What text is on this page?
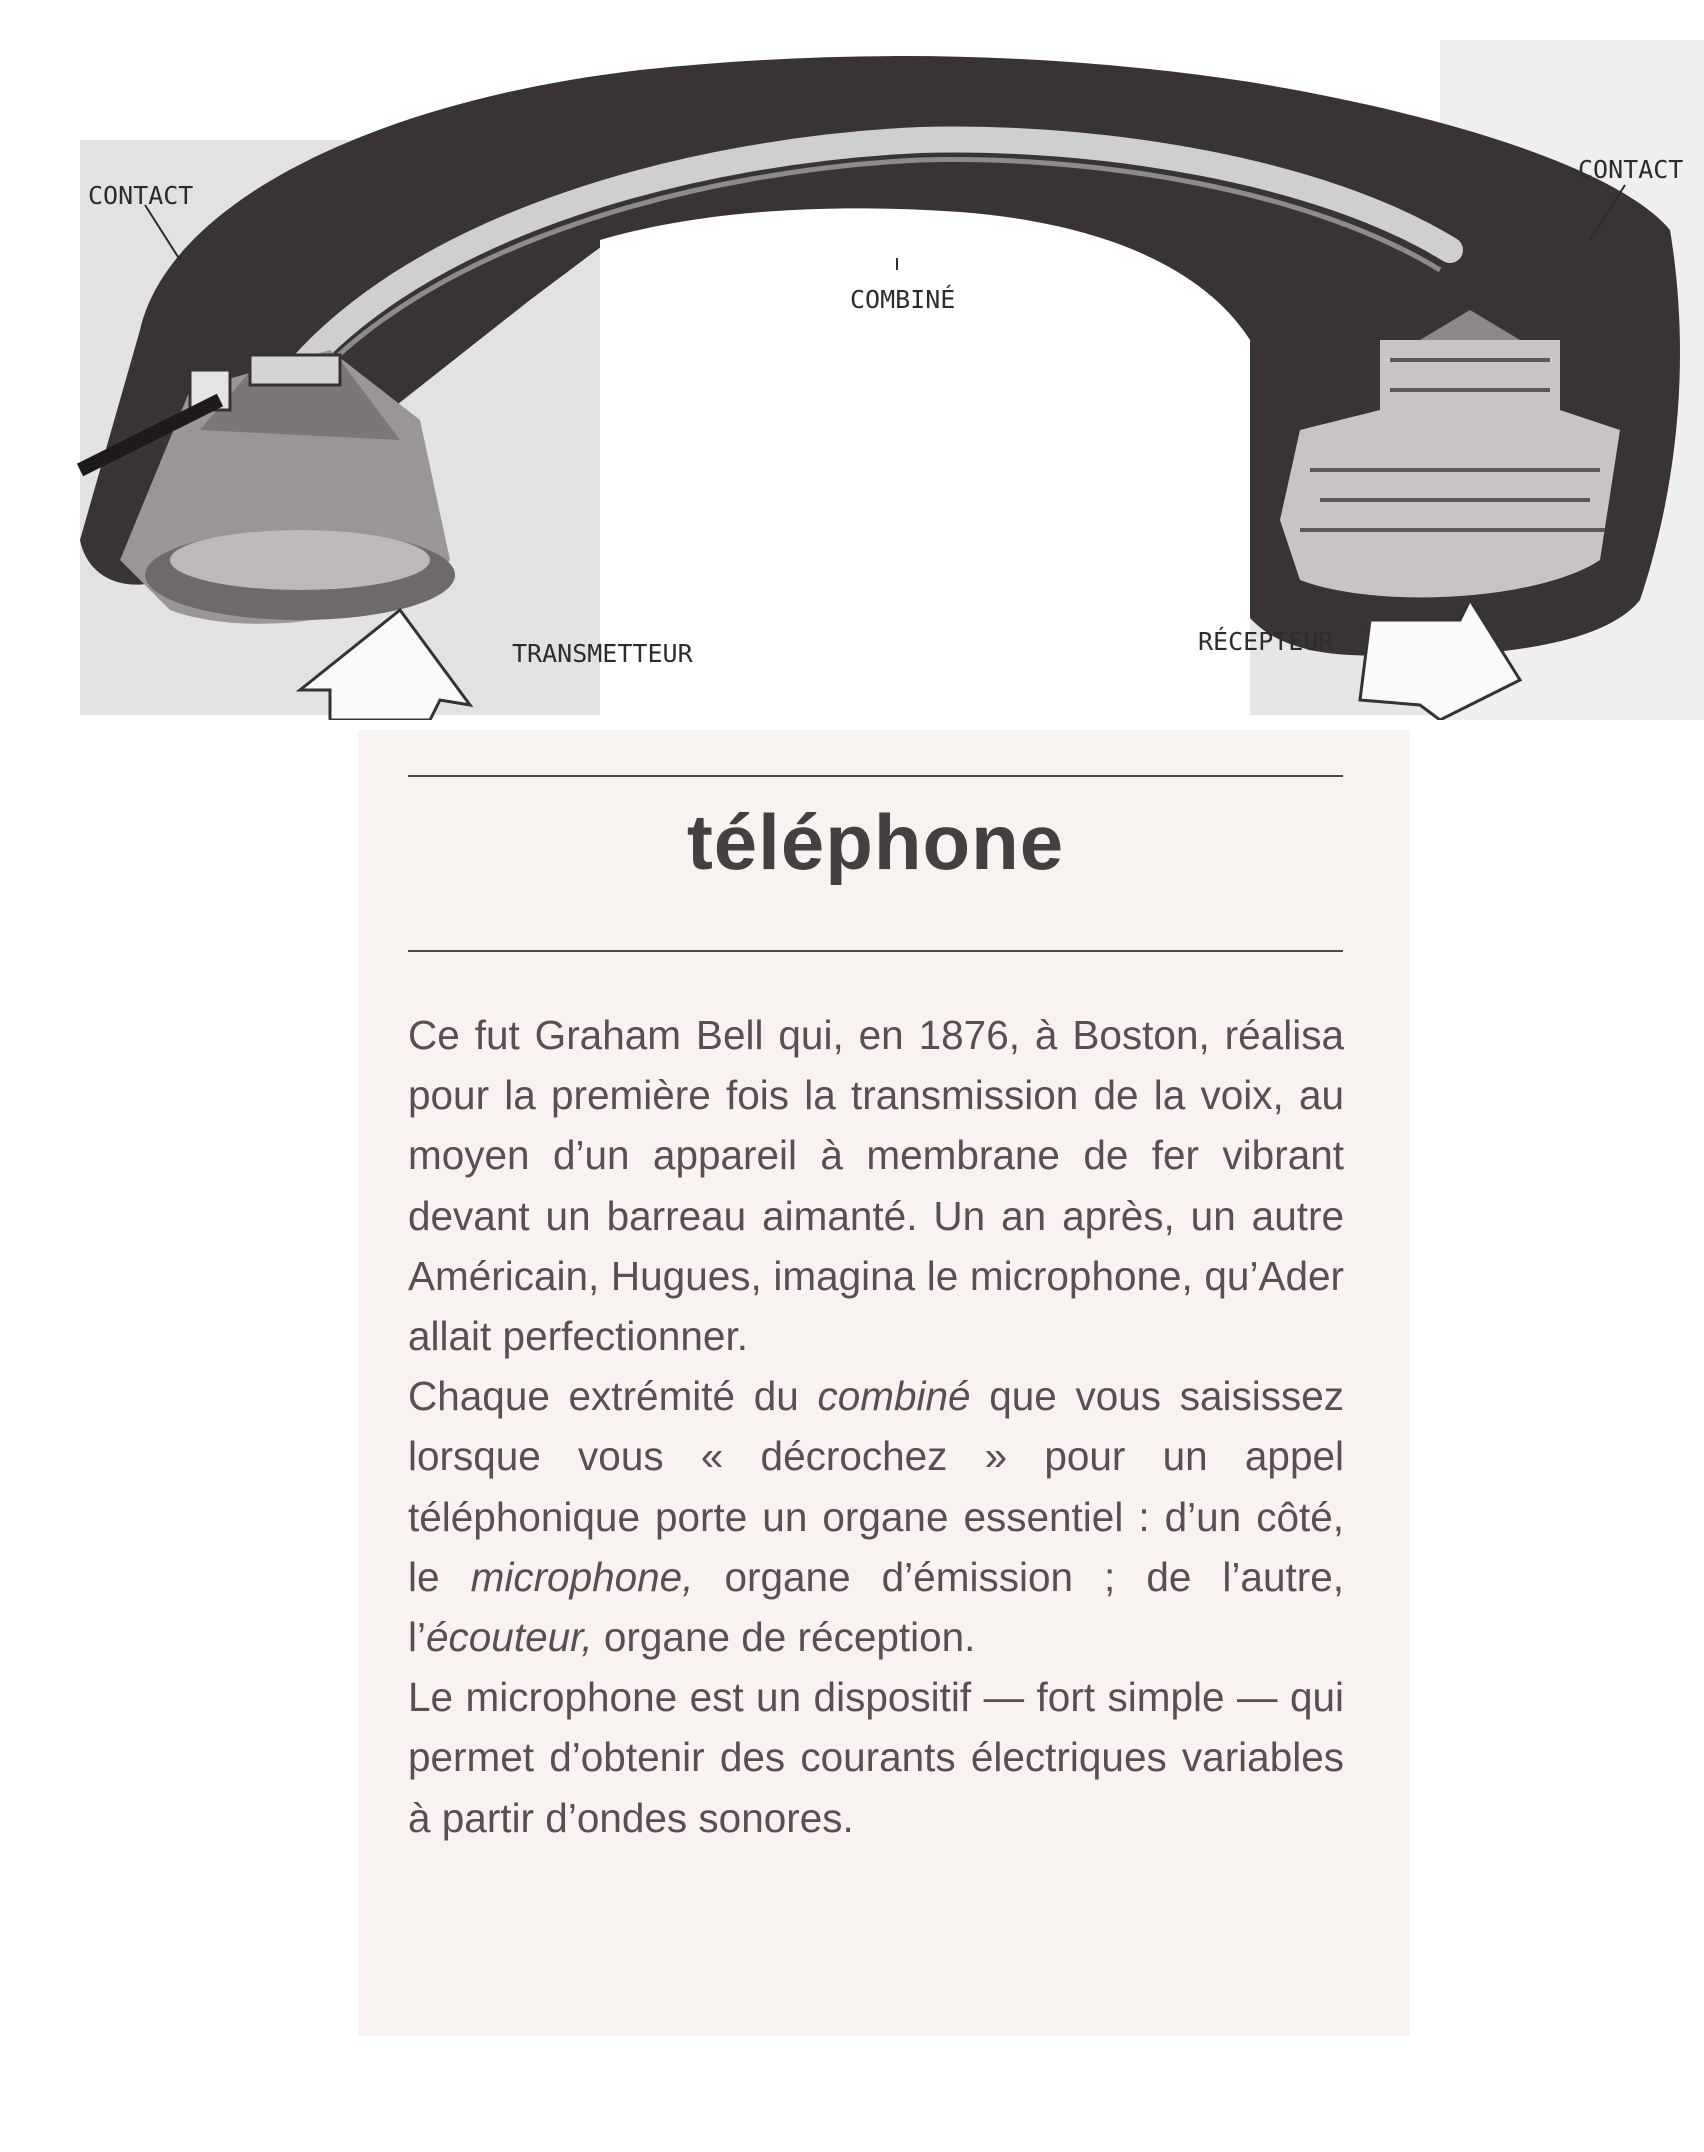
CONTACT
CONTACT
COMBINÉ
TRANSMETTEUR	RÉCEPTEUR
téléphone

Ce fut Graham Bell qui, en 1876, à Boston, réalisa pour la première fois la transmission de la voix, au moyen d’un appareil à membrane de fer vibrant devant un barreau aimanté. Un an après, un autre Américain, Hugues, imagina le microphone, qu’Ader allait perfectionner.

Chaque extrémité du combiné que vous saisissez lorsque vous « décrochez » pour un appel téléphonique porte un organe essentiel : d’un côté, le microphone, organe d’émission ; de l’autre, l’écouteur, organe de réception.

Le microphone est un dispositif — fort simple — qui permet d’obtenir des courants électriques variables à partir d’ondes sonores.
